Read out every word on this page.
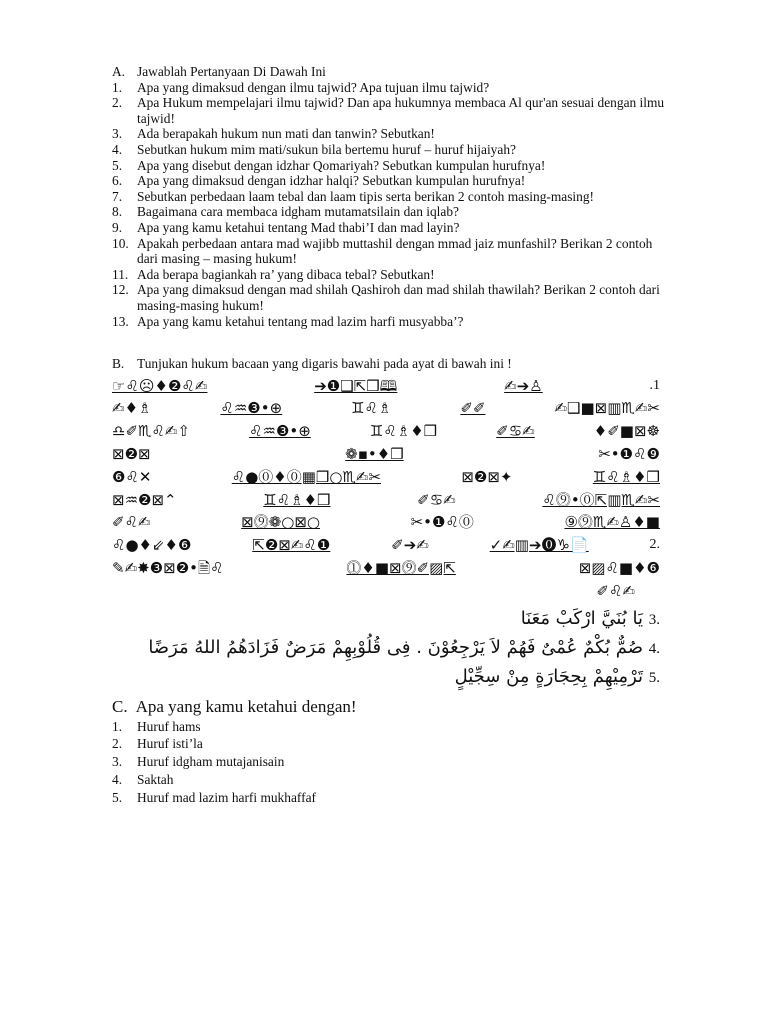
A. Jawablah Pertanyaan Di Dawah Ini
1. Apa yang dimaksud dengan ilmu tajwid? Apa tujuan ilmu tajwid?
2. Apa Hukum mempelajari ilmu tajwid? Dan apa hukumnya membaca Al qur'an sesuai dengan ilmu tajwid!
3. Ada berapakah hukum nun mati dan tanwin? Sebutkan!
4. Sebutkan hukum mim mati/sukun bila bertemu huruf – huruf hijaiyah?
5. Apa yang disebut dengan idzhar Qomariyah? Sebutkan kumpulan hurufnya!
6. Apa yang dimaksud dengan idzhar halqi? Sebutkan kumpulan hurufnya!
7. Sebutkan perbedaan laam tebal dan laam tipis serta berikan 2 contoh masing-masing!
8. Bagaimana cara membaca idgham mutamatsilain dan iqlab?
9. Apa yang kamu ketahui tentang Mad thabi’I dan mad layin?
10. Apakah perbedaan antara mad wajibb muttashil dengan mmad jaiz munfashil? Berikan 2 contoh dari masing – masing hukum!
11. Ada berapa bagiankah ra’ yang dibaca tebal? Sebutkan!
12. Apa yang dimaksud dengan mad shilah Qashiroh dan mad shilah thawilah? Berikan 2 contoh dari masing-masing hukum!
13. Apa yang kamu ketahui tentang mad lazim harfi musyabba’?
B. Tunjukan hukum bacaan yang digaris bawahi pada ayat di bawah ini !
☞♌☹♦❷♌✍	➔❶❑⇱❒🕮	✍➔♙	.1
✍♦♗	♌♒❸•⊕	♊♌♗	✐✐	✍❑■⊠▥♏✍✂
♎✐♏♌✍⇧	♌♒❸•⊕	♊♌♗♦❒	✐♋✍	♦✐■⊠☸
⊠❷⊠	❁▪•♦❒	✂•❶♌❾
❻♌✕	♌●⓪♦⓪▦❒○♏✍✂	⊠❷⊠✦	♊♌♗♦❒
⊠♒❷⊠⌃	♊♌♗♦❒	✐♋✍	♌⓽•⓪⇱▥♏✍✂
✐♌✍	⊠⓽❁○⊠○	✂•❶♌⓪	⑨⓽♏✍♙♦■
♌●♦⇙♦❻	⇱❷⊠✍♌❶	✐➔✍	✓✍▥➔⓿♑📄	2.
✎✍✸❸⊠❷•🗎♌	⓵♦■⊠⓽✐▨⇱	⊠▨♌■♦❻
✐♌✍
.3 يَا بُنَيَّ ارْكَبْ مَعَنَا
.4 صُمٌّ بُكْمٌ عُمْىٌ فَهُمْ لاَ يَرْجِعُوْنَ . فِى قُلُوْبِهِمْ مَرَضٌ فَزَادَهُمُ اللهُ مَرَضًا
.5 تَرْمِيْهِمْ بِحِجَارَةٍ مِنْ سِجِّيْلٍ
C. Apa yang kamu ketahui dengan!
1. Huruf hams
2. Huruf isti’la
3. Huruf idgham mutajanisain
4. Saktah
5. Huruf mad lazim harfi mukhaffaf
